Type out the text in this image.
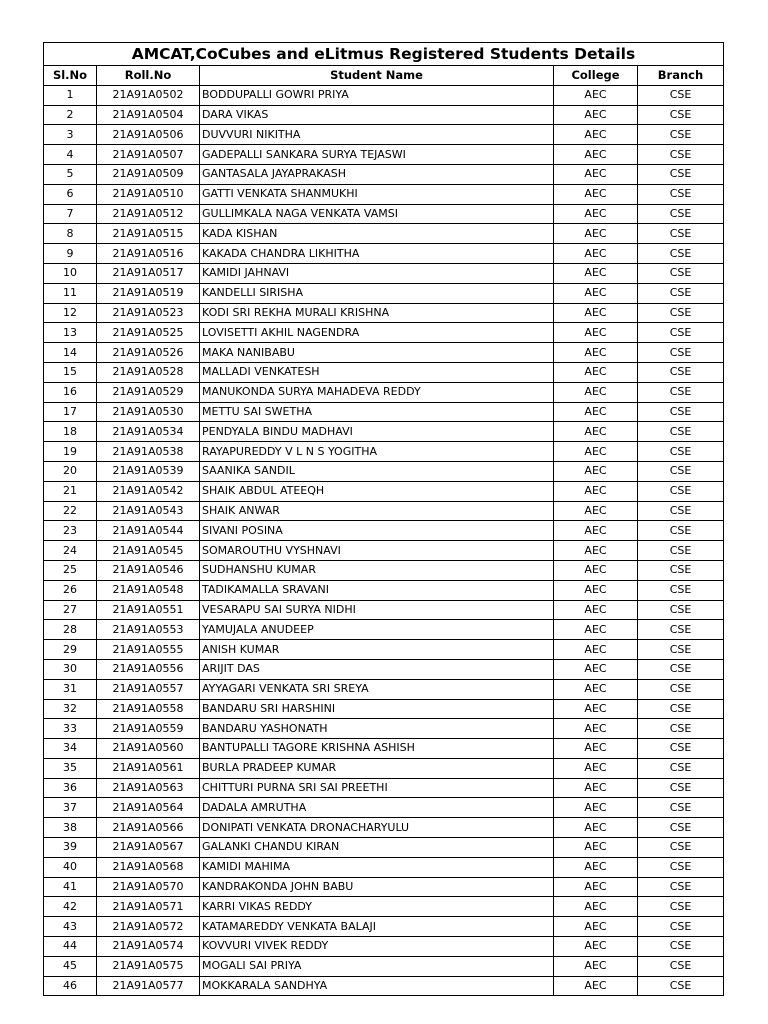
AMCAT,CoCubes and eLitmus Registered Students Details
Sl.No	Roll.No	Student Name	College	Branch
1	21A91A0502	BODDUPALLI GOWRI PRIYA	AEC	CSE
2	21A91A0504	DARA VIKAS	AEC	CSE
3	21A91A0506	DUVVURI NIKITHA	AEC	CSE
4	21A91A0507	GADEPALLI SANKARA SURYA TEJASWI	AEC	CSE
5	21A91A0509	GANTASALA JAYAPRAKASH	AEC	CSE
6	21A91A0510	GATTI VENKATA SHANMUKHI	AEC	CSE
7	21A91A0512	GULLIMKALA NAGA VENKATA VAMSI	AEC	CSE
8	21A91A0515	KADA KISHAN	AEC	CSE
9	21A91A0516	KAKADA CHANDRA LIKHITHA	AEC	CSE
10	21A91A0517	KAMIDI JAHNAVI	AEC	CSE
11	21A91A0519	KANDELLI SIRISHA	AEC	CSE
12	21A91A0523	KODI SRI REKHA MURALI KRISHNA	AEC	CSE
13	21A91A0525	LOVISETTI AKHIL NAGENDRA	AEC	CSE
14	21A91A0526	MAKA NANIBABU	AEC	CSE
15	21A91A0528	MALLADI VENKATESH	AEC	CSE
16	21A91A0529	MANUKONDA SURYA MAHADEVA REDDY	AEC	CSE
17	21A91A0530	METTU SAI SWETHA	AEC	CSE
18	21A91A0534	PENDYALA BINDU MADHAVI	AEC	CSE
19	21A91A0538	RAYAPUREDDY V L N S YOGITHA	AEC	CSE
20	21A91A0539	SAANIKA SANDIL	AEC	CSE
21	21A91A0542	SHAIK ABDUL ATEEQH	AEC	CSE
22	21A91A0543	SHAIK ANWAR	AEC	CSE
23	21A91A0544	SIVANI POSINA	AEC	CSE
24	21A91A0545	SOMAROUTHU VYSHNAVI	AEC	CSE
25	21A91A0546	SUDHANSHU KUMAR	AEC	CSE
26	21A91A0548	TADIKAMALLA SRAVANI	AEC	CSE
27	21A91A0551	VESARAPU SAI SURYA NIDHI	AEC	CSE
28	21A91A0553	YAMUJALA ANUDEEP	AEC	CSE
29	21A91A0555	ANISH KUMAR	AEC	CSE
30	21A91A0556	ARIJIT DAS	AEC	CSE
31	21A91A0557	AYYAGARI VENKATA SRI SREYA	AEC	CSE
32	21A91A0558	BANDARU SRI HARSHINI	AEC	CSE
33	21A91A0559	BANDARU YASHONATH	AEC	CSE
34	21A91A0560	BANTUPALLI TAGORE KRISHNA ASHISH	AEC	CSE
35	21A91A0561	BURLA PRADEEP KUMAR	AEC	CSE
36	21A91A0563	CHITTURI PURNA SRI SAI PREETHI	AEC	CSE
37	21A91A0564	DADALA AMRUTHA	AEC	CSE
38	21A91A0566	DONIPATI VENKATA DRONACHARYULU	AEC	CSE
39	21A91A0567	GALANKI CHANDU KIRAN	AEC	CSE
40	21A91A0568	KAMIDI MAHIMA	AEC	CSE
41	21A91A0570	KANDRAKONDA JOHN BABU	AEC	CSE
42	21A91A0571	KARRI VIKAS REDDY	AEC	CSE
43	21A91A0572	KATAMAREDDY VENKATA BALAJI	AEC	CSE
44	21A91A0574	KOVVURI VIVEK REDDY	AEC	CSE
45	21A91A0575	MOGALI SAI PRIYA	AEC	CSE
46	21A91A0577	MOKKARALA SANDHYA	AEC	CSE
